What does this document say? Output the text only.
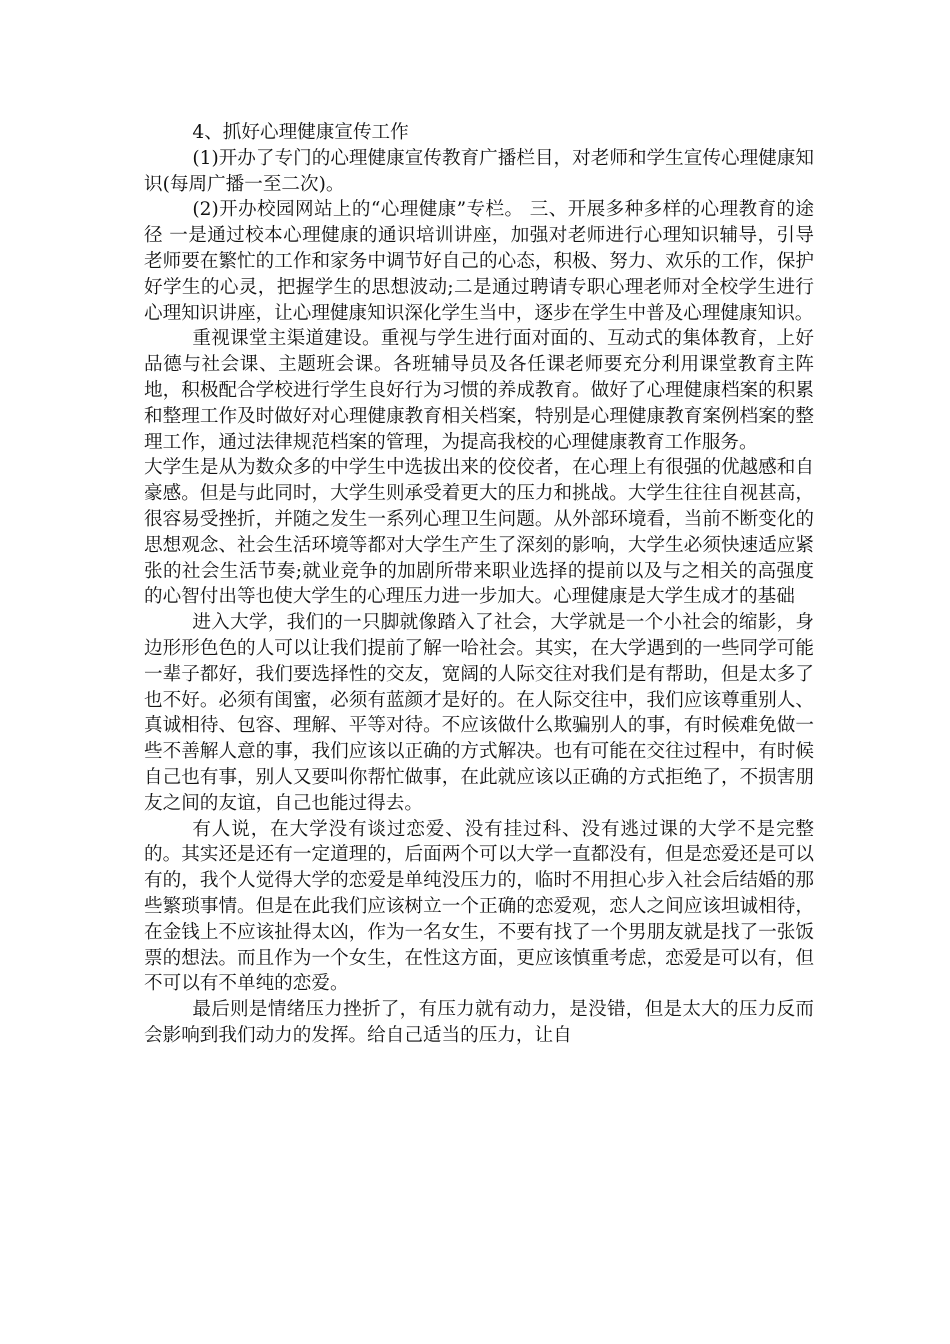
4、抓好心理健康宣传工作

(1)开办了专门的心理健康宣传教育广播栏目，对老师和学生宣传心理健康知识(每周广播一至二次)。

(2)开办校园网站上的“心理健康”专栏。 三、开展多种多样的心理教育的途径 一是通过校本心理健康的通识培训讲座，加强对老师进行心理知识辅导，引导老师要在繁忙的工作和家务中调节好自己的心态，积极、努力、欢乐的工作，保护好学生的心灵，把握学生的思想波动;二是通过聘请专职心理老师对全校学生进行心理知识讲座，让心理健康知识深化学生当中，逐步在学生中普及心理健康知识。

重视课堂主渠道建设。重视与学生进行面对面的、互动式的集体教育，上好品德与社会课、主题班会课。各班辅导员及各任课老师要充分利用课堂教育主阵地，积极配合学校进行学生良好行为习惯的养成教育。做好了心理健康档案的积累和整理工作及时做好对心理健康教育相关档案，特别是心理健康教育案例档案的整理工作，通过法律规范档案的管理，为提高我校的心理健康教育工作服务。

大学生是从为数众多的中学生中选拔出来的佼佼者，在心理上有很强的优越感和自豪感。但是与此同时，大学生则承受着更大的压力和挑战。大学生往往自视甚高，很容易受挫折，并随之发生一系列心理卫生问题。从外部环境看，当前不断变化的思想观念、社会生活环境等都对大学生产生了深刻的影响，大学生必须快速适应紧张的社会生活节奏;就业竞争的加剧所带来职业选择的提前以及与之相关的高强度的心智付出等也使大学生的心理压力进一步加大。心理健康是大学生成才的基础

进入大学，我们的一只脚就像踏入了社会，大学就是一个小社会的缩影，身边形形色色的人可以让我们提前了解一哈社会。其实，在大学遇到的一些同学可能一辈子都好，我们要选择性的交友，宽阔的人际交往对我们是有帮助，但是太多了也不好。必须有闺蜜，必须有蓝颜才是好的。在人际交往中，我们应该尊重别人、真诚相待、包容、理解、平等对待。不应该做什么欺骗别人的事，有时候难免做一些不善解人意的事，我们应该以正确的方式解决。也有可能在交往过程中，有时候自己也有事，别人又要叫你帮忙做事，在此就应该以正确的方式拒绝了，不损害朋友之间的友谊，自己也能过得去。

有人说，在大学没有谈过恋爱、没有挂过科、没有逃过课的大学不是完整的。其实还是还有一定道理的，后面两个可以大学一直都没有，但是恋爱还是可以有的，我个人觉得大学的恋爱是单纯没压力的，临时不用担心步入社会后结婚的那些繁琐事情。但是在此我们应该树立一个正确的恋爱观，恋人之间应该坦诚相待，在金钱上不应该扯得太凶，作为一名女生，不要有找了一个男朋友就是找了一张饭票的想法。而且作为一个女生，在性这方面，更应该慎重考虑，恋爱是可以有，但不可以有不单纯的恋爱。

最后则是情绪压力挫折了，有压力就有动力，是没错，但是太大的压力反而会影响到我们动力的发挥。给自己适当的压力，让自
